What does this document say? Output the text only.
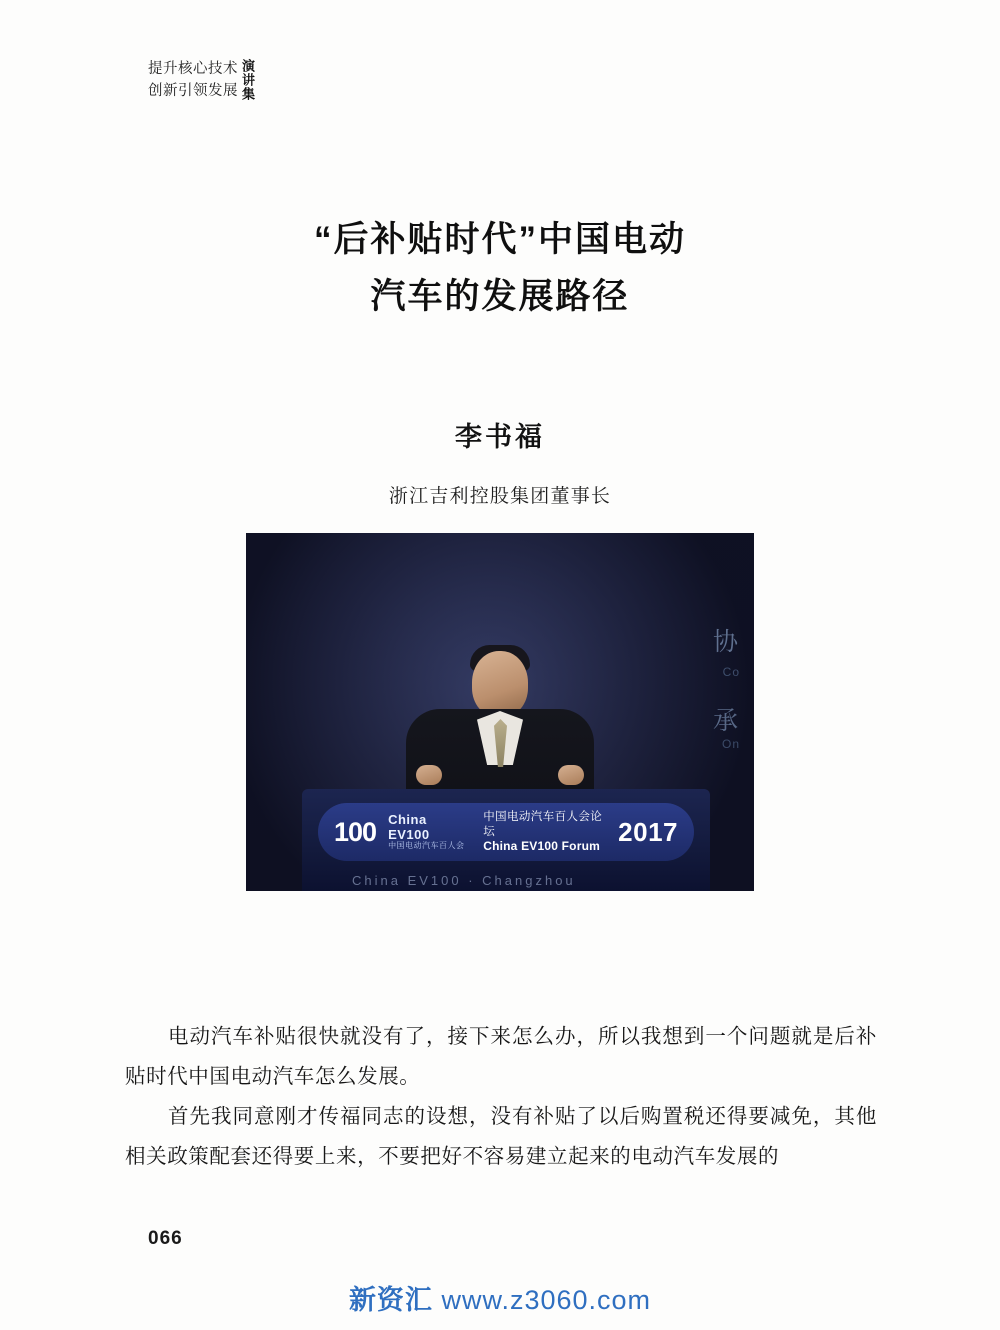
提升核心技术
创新引领发展 演讲集
“后补贴时代”中国电动
汽车的发展路径
李书福
浙江吉利控股集团董事长
协
Co
承
On
100 China EV100
中国电动汽车百人会
中国电动汽车百人会论坛
China EV100 Forum 2017
China EV100 · Changzhou

电动汽车补贴很快就没有了，接下来怎么办，所以我想到一个问题就是后补贴时代中国电动汽车怎么发展。

首先我同意刚才传福同志的设想，没有补贴了以后购置税还得要减免，其他相关政策配套还得要上来，不要把好不容易建立起来的电动汽车发展的

066
新资汇 www.z3060.com
